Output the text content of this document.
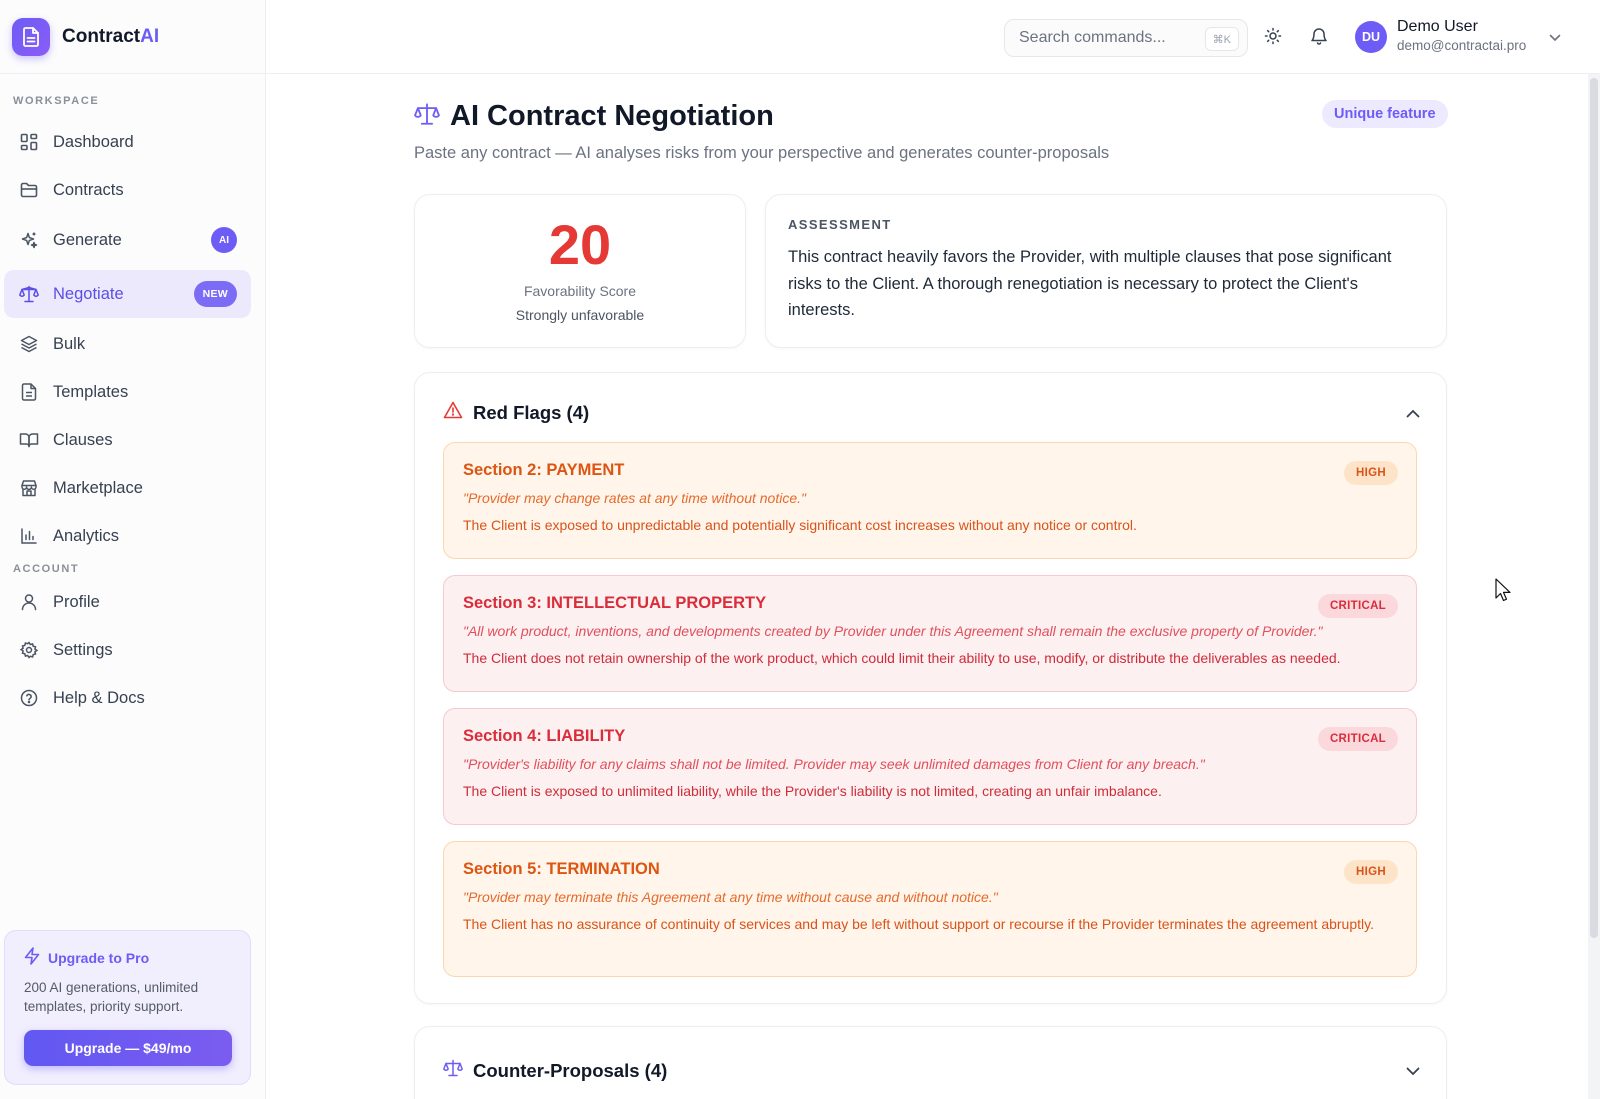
ContractAI
WORKSPACE
Dashboard
Contracts
Generate	AI
Negotiate	NEW
Bulk
Templates
Clauses
Marketplace
Analytics
ACCOUNT
Profile
Settings
Help & Docs
Upgrade to Pro
200 AI generations, unlimited templates, priority support.
Upgrade — $49/mo
Search commands...	⌘K	DU
Demo User
demo@contractai.pro
AI Contract Negotiation
Paste any contract — AI analyses risks from your perspective and generates counter-proposals
Unique feature
20
Favorability Score
Strongly unfavorable
ASSESSMENT
This contract heavily favors the Provider, with multiple clauses that pose significant risks to the Client. A thorough renegotiation is necessary to protect the Client's interests.
Red Flags (4)
Section 2: PAYMENT	HIGH
"Provider may change rates at any time without notice."
The Client is exposed to unpredictable and potentially significant cost increases without any notice or control.
Section 3: INTELLECTUAL PROPERTY	CRITICAL
"All work product, inventions, and developments created by Provider under this Agreement shall remain the exclusive property of Provider."
The Client does not retain ownership of the work product, which could limit their ability to use, modify, or distribute the deliverables as needed.
Section 4: LIABILITY	CRITICAL
"Provider's liability for any claims shall not be limited. Provider may seek unlimited damages from Client for any breach."
The Client is exposed to unlimited liability, while the Provider's liability is not limited, creating an unfair imbalance.
Section 5: TERMINATION	HIGH
"Provider may terminate this Agreement at any time without cause and without notice."
The Client has no assurance of continuity of services and may be left without support or recourse if the Provider terminates the agreement abruptly.
Counter-Proposals (4)
